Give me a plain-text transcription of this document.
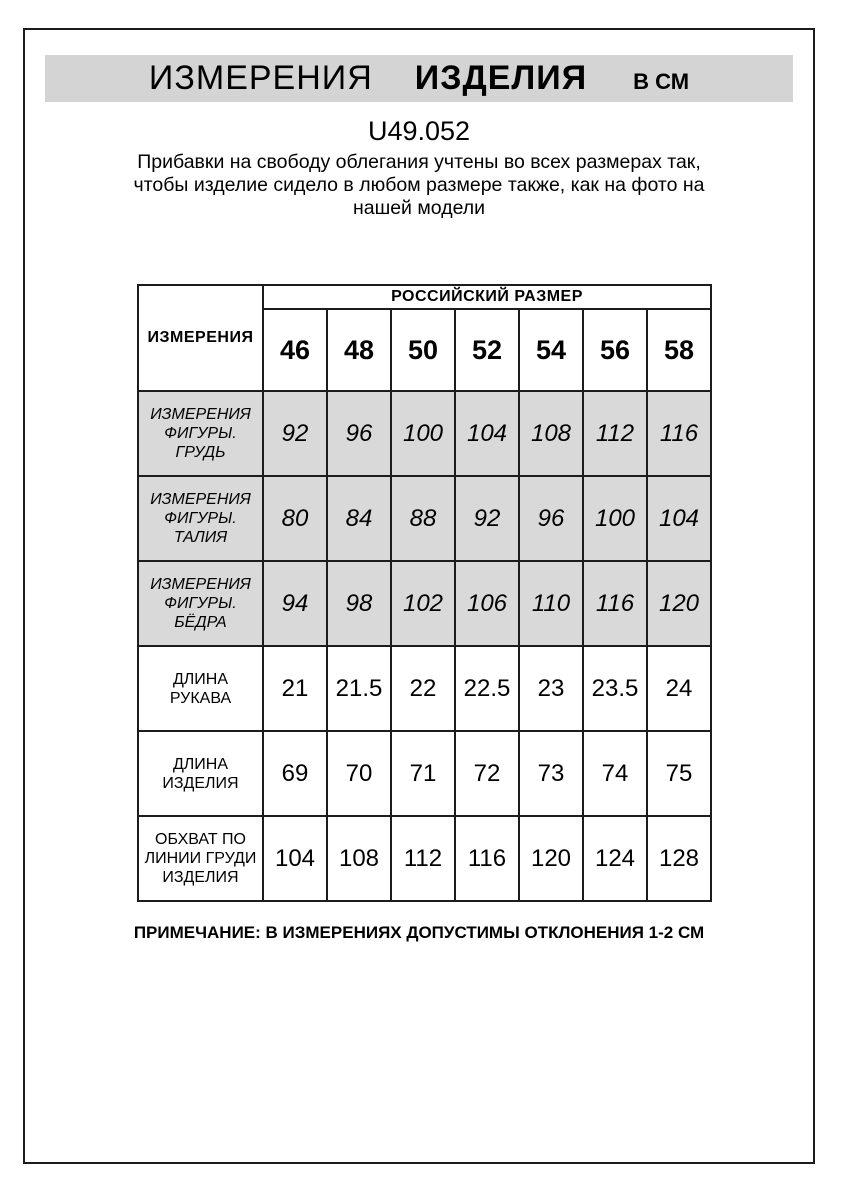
ИЗМЕРЕНИЯ ИЗДЕЛИЯ В СМ
U49.052
Прибавки на свободу облегания учтены во всех размерах так,
чтобы изделие сидело в любом размере также, как на фото на
нашей модели
ИЗМЕРЕНИЯ	РОССИЙСКИЙ РАЗМЕР						
	46	48	50	52	54	56	58
ИЗМЕРЕНИЯ ФИГУРЫ. ГРУДЬ	92	96	100	104	108	112	116
ИЗМЕРЕНИЯ ФИГУРЫ. ТАЛИЯ	80	84	88	92	96	100	104
ИЗМЕРЕНИЯ ФИГУРЫ. БЁДРА	94	98	102	106	110	116	120
ДЛИНА РУКАВА	21	21.5	22	22.5	23	23.5	24
ДЛИНА ИЗДЕЛИЯ	69	70	71	72	73	74	75
ОБХВАТ ПО ЛИНИИ ГРУДИ ИЗДЕЛИЯ	104	108	112	116	120	124	128
ПРИМЕЧАНИЕ: В ИЗМЕРЕНИЯХ ДОПУСТИМЫ ОТКЛОНЕНИЯ 1-2 СМ
